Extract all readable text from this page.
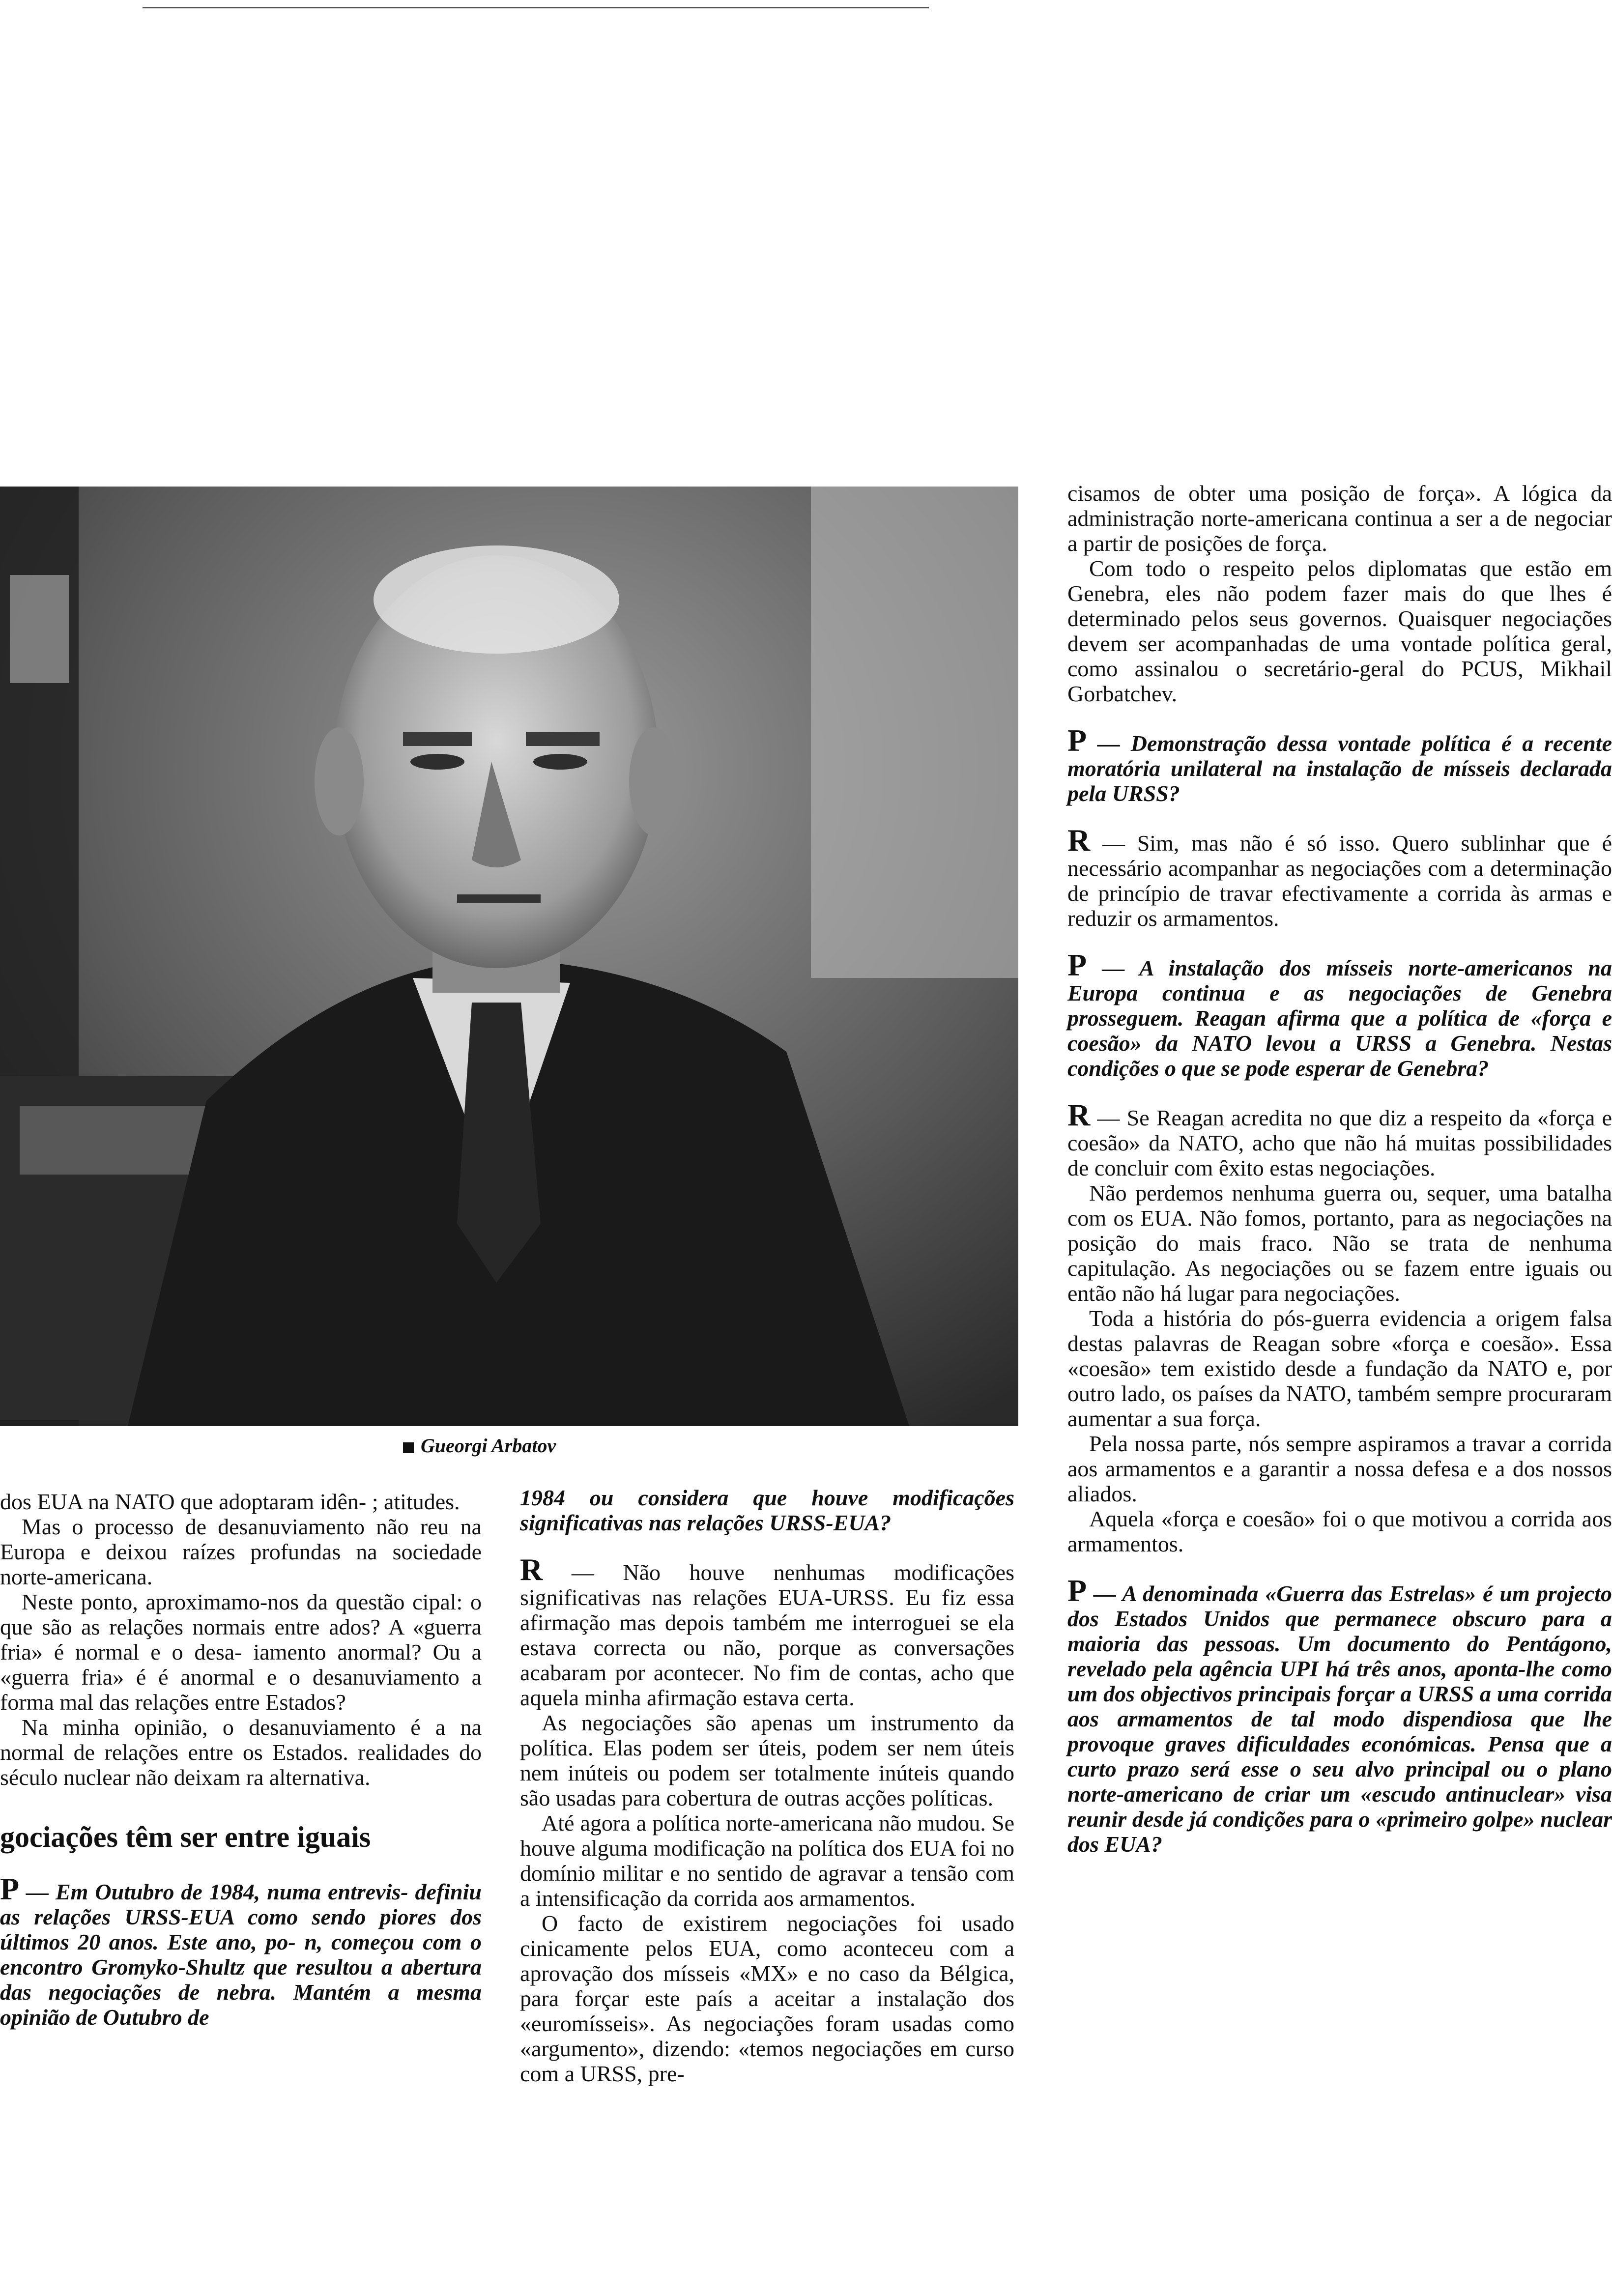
Gueorgi Arbatov

dos EUA na NATO que adoptaram idên- ; atitudes.

Mas o processo de desanuviamento não reu na Europa e deixou raízes profundas na sociedade norte-americana.

Neste ponto, aproximamo-nos da questão cipal: o que são as relações normais entre ados? A «guerra fria» é normal e o desa- iamento anormal? Ou a «guerra fria» é é anormal e o desanuviamento a forma mal das relações entre Estados?

Na minha opinião, o desanuviamento é a na normal de relações entre os Estados. realidades do século nuclear não deixam ra alternativa.

gociações têm ser entre iguais

P — Em Outubro de 1984, numa entrevis- definiu as relações URSS-EUA como sendo piores dos últimos 20 anos. Este ano, po- n, começou com o encontro Gromyko-Shultz que resultou a abertura das negociações de nebra. Mantém a mesma opinião de Outubro de

1984 ou considera que houve modificações significativas nas relações URSS-EUA?

R — Não houve nenhumas modificações significativas nas relações EUA-URSS. Eu fiz essa afirmação mas depois também me interroguei se ela estava correcta ou não, porque as conversações acabaram por acontecer. No fim de contas, acho que aquela minha afirmação estava certa.

As negociações são apenas um instrumento da política. Elas podem ser úteis, podem ser nem úteis nem inúteis ou podem ser totalmente inúteis quando são usadas para cobertura de outras acções políticas.

Até agora a política norte-americana não mudou. Se houve alguma modificação na política dos EUA foi no domínio militar e no sentido de agravar a tensão com a intensificação da corrida aos armamentos.

O facto de existirem negociações foi usado cinicamente pelos EUA, como aconteceu com a aprovação dos mísseis «MX» e no caso da Bélgica, para forçar este país a aceitar a instalação dos «euromísseis». As negociações foram usadas como «argumento», dizendo: «temos negociações em curso com a URSS, pre-

cisamos de obter uma posição de força». A lógica da administração norte-americana continua a ser a de negociar a partir de posições de força.

Com todo o respeito pelos diplomatas que estão em Genebra, eles não podem fazer mais do que lhes é determinado pelos seus governos. Quaisquer negociações devem ser acompanhadas de uma vontade política geral, como assinalou o secretário-geral do PCUS, Mikhail Gorbatchev.

P — Demonstração dessa vontade política é a recente moratória unilateral na instalação de mísseis declarada pela URSS?

R — Sim, mas não é só isso. Quero sublinhar que é necessário acompanhar as negociações com a determinação de princípio de travar efectivamente a corrida às armas e reduzir os armamentos.

P — A instalação dos mísseis norte-americanos na Europa continua e as negociações de Genebra prosseguem. Reagan afirma que a política de «força e coesão» da NATO levou a URSS a Genebra. Nestas condições o que se pode esperar de Genebra?

R — Se Reagan acredita no que diz a respeito da «força e coesão» da NATO, acho que não há muitas possibilidades de concluir com êxito estas negociações.

Não perdemos nenhuma guerra ou, sequer, uma batalha com os EUA. Não fomos, portanto, para as negociações na posição do mais fraco. Não se trata de nenhuma capitulação. As negociações ou se fazem entre iguais ou então não há lugar para negociações.

Toda a história do pós-guerra evidencia a origem falsa destas palavras de Reagan sobre «força e coesão». Essa «coesão» tem existido desde a fundação da NATO e, por outro lado, os países da NATO, também sempre procuraram aumentar a sua força.

Pela nossa parte, nós sempre aspiramos a travar a corrida aos armamentos e a garantir a nossa defesa e a dos nossos aliados.

Aquela «força e coesão» foi o que motivou a corrida aos armamentos.

P — A denominada «Guerra das Estrelas» é um projecto dos Estados Unidos que permanece obscuro para a maioria das pessoas. Um documento do Pentágono, revelado pela agência UPI há três anos, aponta-lhe como um dos objectivos principais forçar a URSS a uma corrida aos armamentos de tal modo dispendiosa que lhe provoque graves dificuldades económicas. Pensa que a curto prazo será esse o seu alvo principal ou o plano norte-americano de criar um «escudo antinuclear» visa reunir desde já condições para o «primeiro golpe» nuclear dos EUA?
